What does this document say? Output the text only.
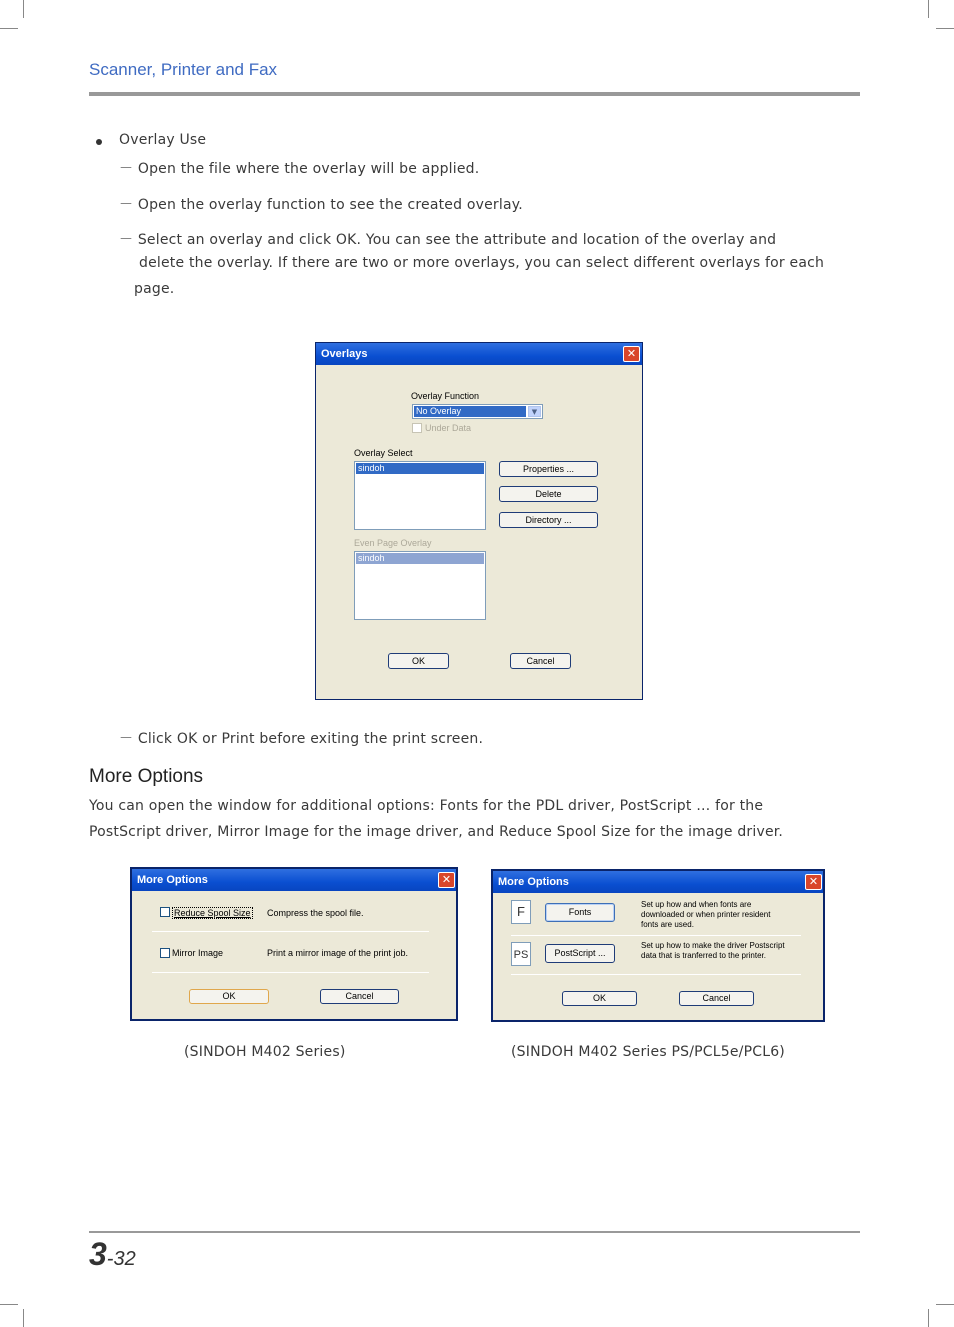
Scanner, Printer and Fax
Overlay Use
－ Open the file where the overlay will be applied.
－ Open the overlay function to see the created overlay.
－ Select an overlay and click OK. You can see the attribute and location of the overlay and
delete the overlay. If there are two or more overlays, you can select different overlays for each
page.
Overlays	✕
Overlay Function
No Overlay	▼
Under Data
Overlay Select
sindoh	Properties ...
Delete
Directory ...
Even Page Overlay
sindoh
OK	Cancel
－ Click OK or Print before exiting the print screen.
More Options
You can open the window for additional options: Fonts for the PDL driver, PostScript … for the
PostScript driver, Mirror Image for the image driver, and Reduce Spool Size for the image driver.
More Options	✕
Reduce Spool Size Compress the spool file.
Mirror Image	Print a mirror image of the print job.
OK	Cancel
More Options	✕
F	Fonts
Set up how and when fonts are
downloaded or when printer resident
fonts are used.
PS	PostScript ...
Set up how to make the driver Postscript
data that is tranferred to the printer.
OK	Cancel
(SINDOH M402 Series)	(SINDOH M402 Series PS/PCL5e/PCL6)
3-32
